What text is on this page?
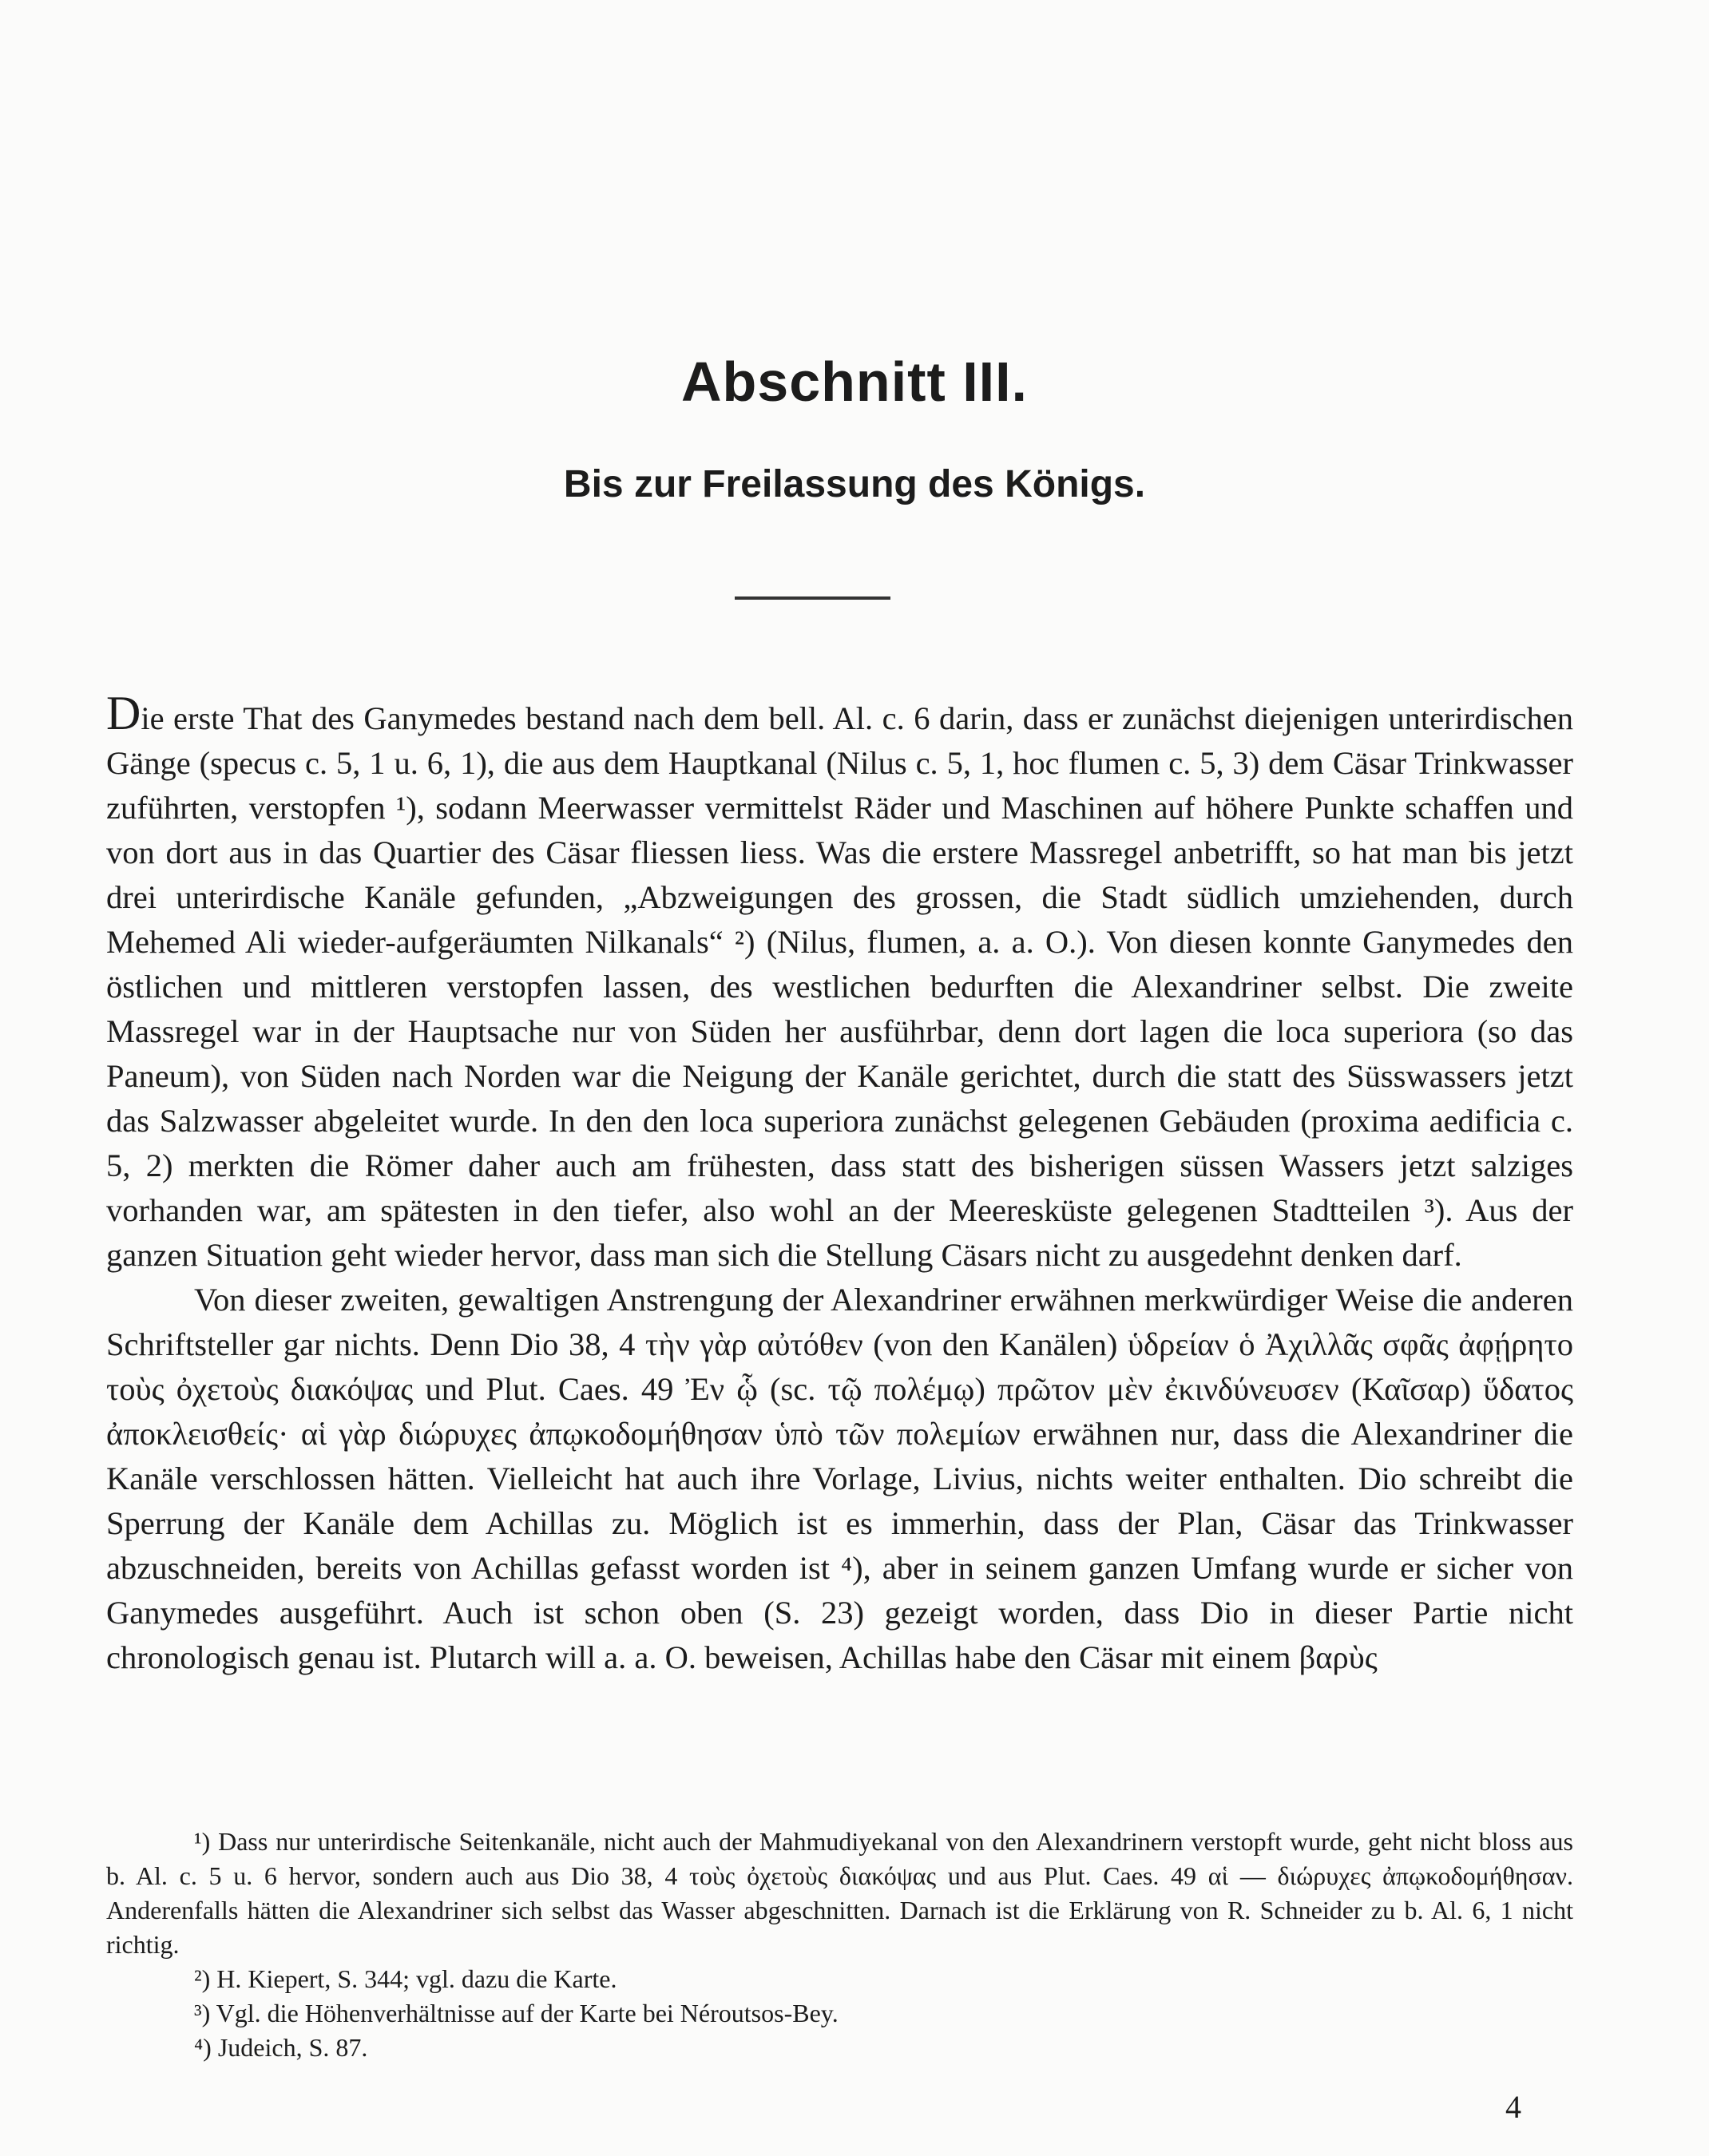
Abschnitt III.
Bis zur Freilassung des Königs.

Die erste That des Ganymedes bestand nach dem bell. Al. c. 6 darin, dass er zunächst diejenigen unterirdischen Gänge (specus c. 5, 1 u. 6, 1), die aus dem Hauptkanal (Nilus c. 5, 1, hoc flumen c. 5, 3) dem Cäsar Trinkwasser zuführten, verstopfen ¹), sodann Meerwasser vermittelst Räder und Maschinen auf höhere Punkte schaffen und von dort aus in das Quartier des Cäsar fliessen liess. Was die erstere Massregel anbetrifft, so hat man bis jetzt drei unterirdische Kanäle gefunden, „Abzweigungen des grossen, die Stadt südlich umziehenden, durch Mehemed Ali wieder-aufgeräumten Nilkanals“ ²) (Nilus, flumen, a. a. O.). Von diesen konnte Ganymedes den östlichen und mittleren verstopfen lassen, des westlichen bedurften die Alexandriner selbst. Die zweite Massregel war in der Hauptsache nur von Süden her ausführbar, denn dort lagen die loca superiora (so das Paneum), von Süden nach Norden war die Neigung der Kanäle gerichtet, durch die statt des Süsswassers jetzt das Salzwasser abgeleitet wurde. In den den loca superiora zunächst gelegenen Gebäuden (proxima aedificia c. 5, 2) merkten die Römer daher auch am frühesten, dass statt des bisherigen süssen Wassers jetzt salziges vorhanden war, am spätesten in den tiefer, also wohl an der Meeresküste gelegenen Stadtteilen ³). Aus der ganzen Situation geht wieder hervor, dass man sich die Stellung Cäsars nicht zu ausgedehnt denken darf.

Von dieser zweiten, gewaltigen Anstrengung der Alexandriner erwähnen merkwürdiger Weise die anderen Schriftsteller gar nichts. Denn Dio 38, 4 τὴν γὰρ αὐτόθεν (von den Kanälen) ὑδρείαν ὁ Ἀχιλλᾶς σφᾶς ἀφῄρητο τοὺς ὀχετοὺς διακόψας und Plut. Caes. 49 Ἐν ᾧ (sc. τῷ πολέμῳ) πρῶτον μὲν ἐκινδύνευσεν (Καῖσαρ) ὕδατος ἀποκλεισθείς· αἱ γὰρ διώρυχες ἀπῳκοδομήθησαν ὑπὸ τῶν πολεμίων erwähnen nur, dass die Alexandriner die Kanäle verschlossen hätten. Vielleicht hat auch ihre Vorlage, Livius, nichts weiter enthalten. Dio schreibt die Sperrung der Kanäle dem Achillas zu. Möglich ist es immerhin, dass der Plan, Cäsar das Trinkwasser abzuschneiden, bereits von Achillas gefasst worden ist ⁴), aber in seinem ganzen Umfang wurde er sicher von Ganymedes ausgeführt. Auch ist schon oben (S. 23) gezeigt worden, dass Dio in dieser Partie nicht chronologisch genau ist. Plutarch will a. a. O. beweisen, Achillas habe den Cäsar mit einem βαρὺς

¹) Dass nur unterirdische Seitenkanäle, nicht auch der Mahmudiyekanal von den Alexandrinern verstopft wurde, geht nicht bloss aus b. Al. c. 5 u. 6 hervor, sondern auch aus Dio 38, 4 τοὺς ὀχετοὺς διακόψας und aus Plut. Caes. 49 αἱ — διώρυχες ἀπῳκοδομήθησαν. Anderenfalls hätten die Alexandriner sich selbst das Wasser abgeschnitten. Darnach ist die Erklärung von R. Schneider zu b. Al. 6, 1 nicht richtig.

²) H. Kiepert, S. 344; vgl. dazu die Karte.

³) Vgl. die Höhenverhältnisse auf der Karte bei Néroutsos-Bey.

⁴) Judeich, S. 87.

4
